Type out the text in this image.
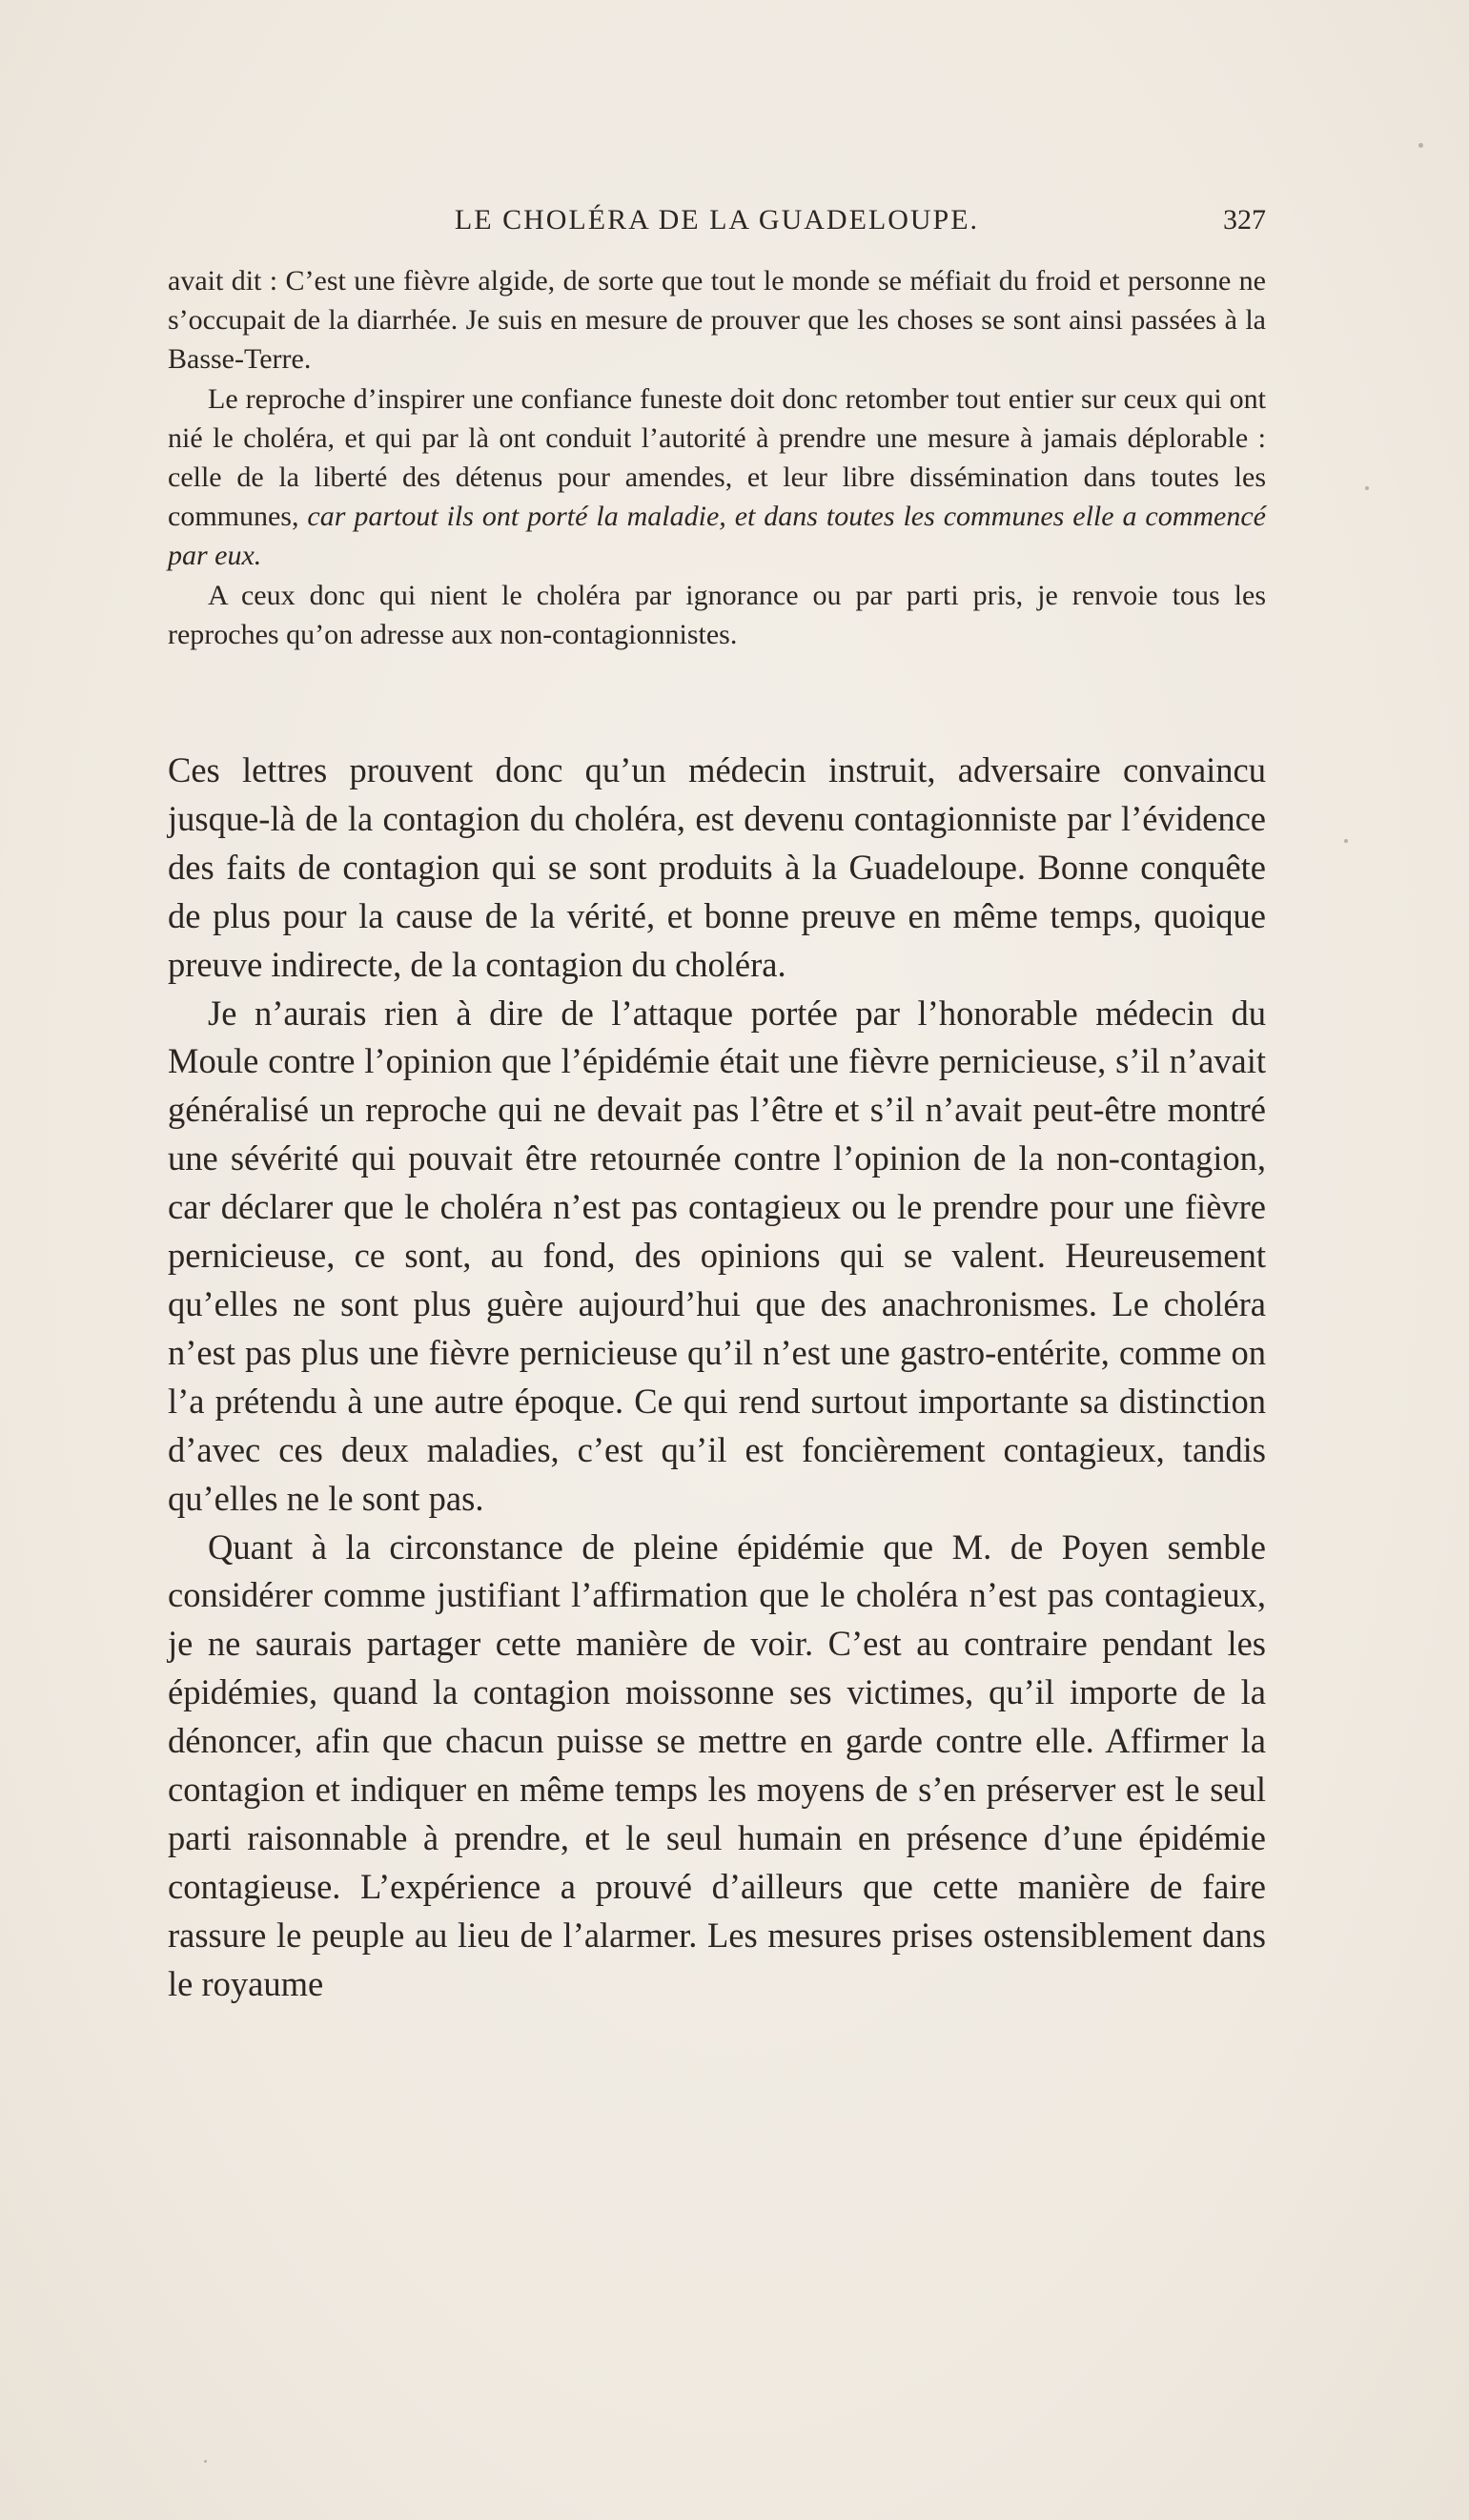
LE CHOLÉRA DE LA GUADELOUPE.	327

avait dit : C’est une fièvre algide, de sorte que tout le monde se méfiait du froid et personne ne s’occupait de la diarrhée. Je suis en mesure de prouver que les choses se sont ainsi passées à la Basse-Terre.

Le reproche d’inspirer une confiance funeste doit donc retomber tout entier sur ceux qui ont nié le choléra, et qui par là ont conduit l’autorité à prendre une mesure à jamais déplorable : celle de la liberté des détenus pour amendes, et leur libre dissémination dans toutes les communes, car partout ils ont porté la maladie, et dans toutes les communes elle a commencé par eux.

A ceux donc qui nient le choléra par ignorance ou par parti pris, je renvoie tous les reproches qu’on adresse aux non-contagionnistes.

Ces lettres prouvent donc qu’un médecin instruit, adversaire convaincu jusque-là de la contagion du choléra, est devenu contagionniste par l’évidence des faits de contagion qui se sont produits à la Guadeloupe. Bonne conquête de plus pour la cause de la vérité, et bonne preuve en même temps, quoique preuve indirecte, de la contagion du choléra.

Je n’aurais rien à dire de l’attaque portée par l’honorable médecin du Moule contre l’opinion que l’épidémie était une fièvre pernicieuse, s’il n’avait généralisé un reproche qui ne devait pas l’être et s’il n’avait peut-être montré une sévérité qui pouvait être retournée contre l’opinion de la non-contagion, car déclarer que le choléra n’est pas contagieux ou le prendre pour une fièvre pernicieuse, ce sont, au fond, des opinions qui se valent. Heureusement qu’elles ne sont plus guère aujourd’hui que des anachronismes. Le choléra n’est pas plus une fièvre pernicieuse qu’il n’est une gastro-entérite, comme on l’a prétendu à une autre époque. Ce qui rend surtout importante sa distinction d’avec ces deux maladies, c’est qu’il est foncièrement contagieux, tandis qu’elles ne le sont pas.

Quant à la circonstance de pleine épidémie que M. de Poyen semble considérer comme justifiant l’affirmation que le choléra n’est pas contagieux, je ne saurais partager cette manière de voir. C’est au contraire pendant les épidémies, quand la contagion moissonne ses victimes, qu’il importe de la dénoncer, afin que chacun puisse se mettre en garde contre elle. Affirmer la contagion et indiquer en même temps les moyens de s’en préserver est le seul parti raisonnable à prendre, et le seul humain en présence d’une épidémie contagieuse. L’expérience a prouvé d’ailleurs que cette manière de faire rassure le peuple au lieu de l’alarmer. Les mesures prises ostensiblement dans le royaume
